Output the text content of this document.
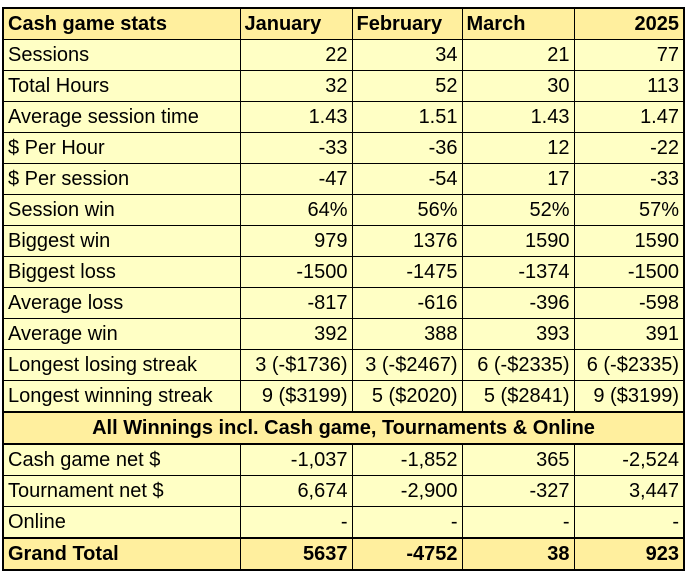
Cash game stats	January	February	March	2025
Sessions	22	34	21	77
Total Hours	32	52	30	113
Average session time	1.43	1.51	1.43	1.47
$ Per Hour	-33	-36	12	-22
$ Per session	-47	-54	17	-33
Session win	64%	56%	52%	57%
Biggest win	979	1376	1590	1590
Biggest loss	-1500	-1475	-1374	-1500
Average loss	-817	-616	-396	-598
Average win	392	388	393	391
Longest losing streak	3 (-$1736)	3 (-$2467)	6 (-$2335)	6 (-$2335)
Longest winning streak	9 ($3199)	5 ($2020)	5 ($2841)	9 ($3199)
All Winnings incl. Cash game, Tournaments & Online				
Cash game net $	-1,037	-1,852	365	-2,524
Tournament net $	6,674	-2,900	-327	3,447
Online	-	-	-	-
Grand Total	5637	-4752	38	923
